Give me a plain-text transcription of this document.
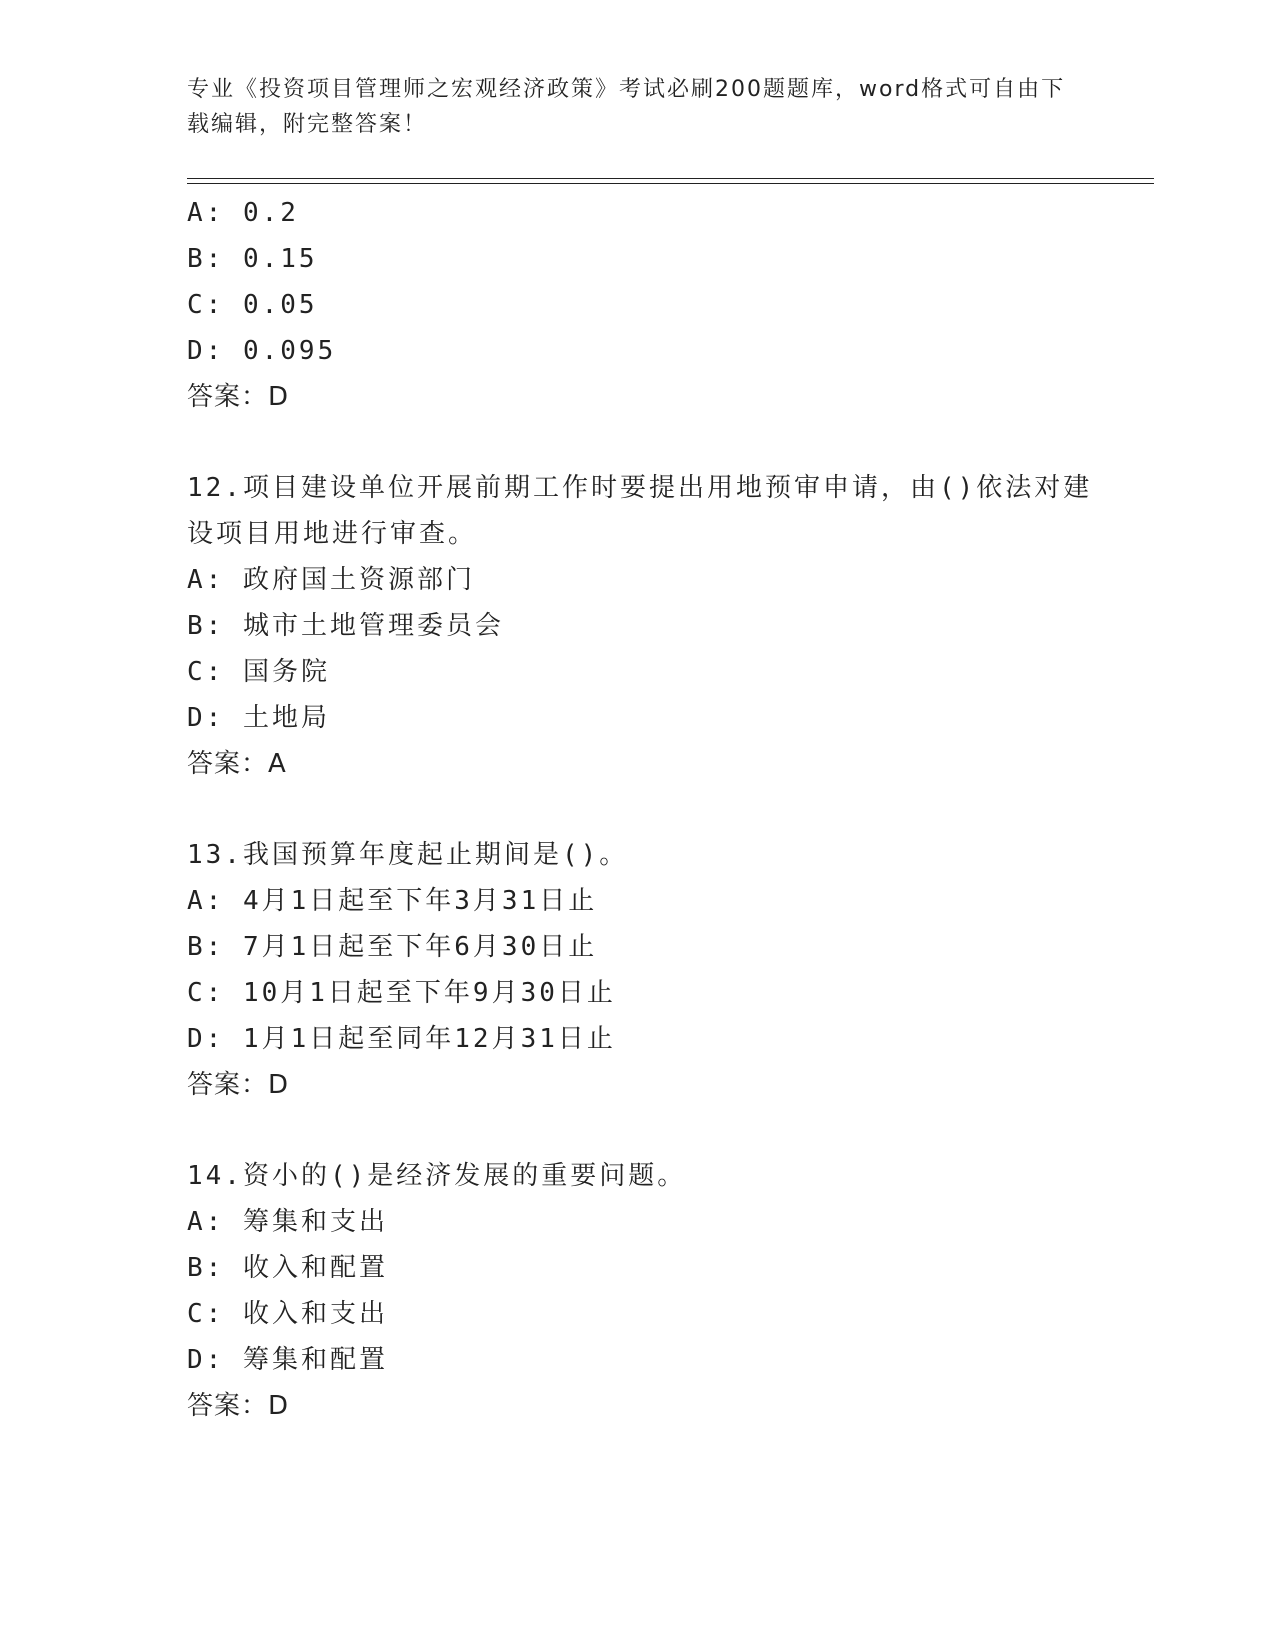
专业《投资项目管理师之宏观经济政策》考试必刷200题题库，word格式可自由下载编辑，附完整答案！
A: 0.2
B: 0.15
C: 0.05
D: 0.095
答案：D
12.项目建设单位开展前期工作时要提出用地预审申请，由()依法对建
设项目用地进行审查。
A: 政府国土资源部门
B: 城市土地管理委员会
C: 国务院
D: 土地局
答案：A
13.我国预算年度起止期间是()。
A: 4月1日起至下年3月31日止
B: 7月1日起至下年6月30日止
C: 10月1日起至下年9月30日止
D: 1月1日起至同年12月31日止
答案：D
14.资小的()是经济发展的重要问题。
A: 筹集和支出
B: 收入和配置
C: 收入和支出
D: 筹集和配置
答案：D
